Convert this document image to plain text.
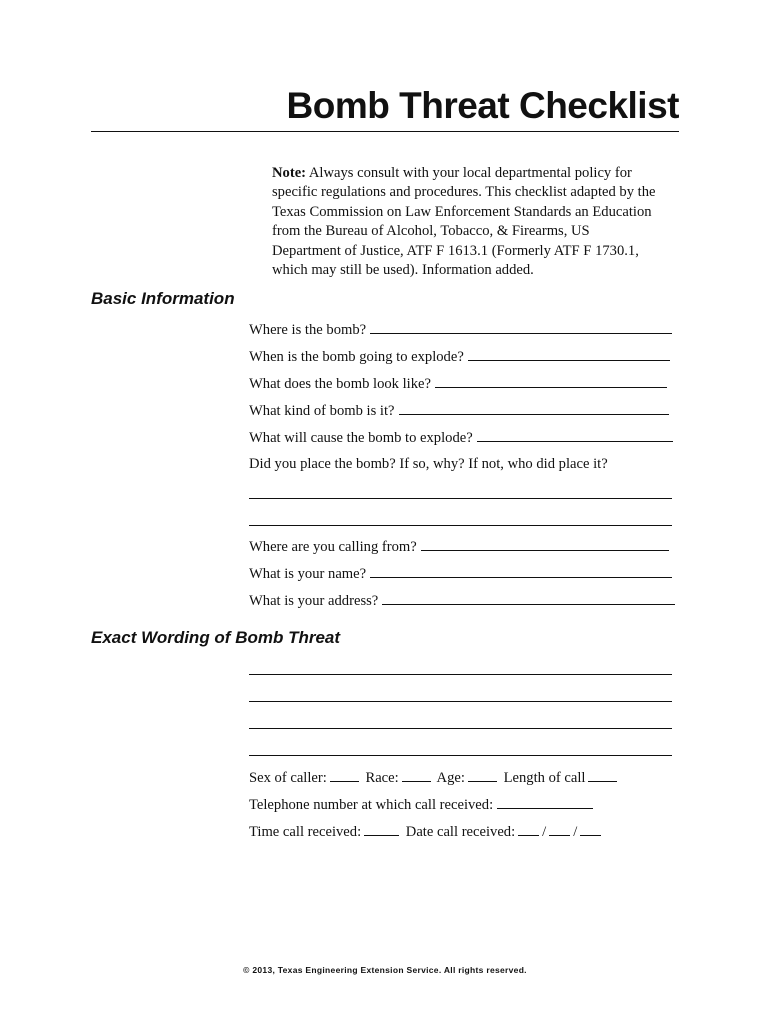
Bomb Threat Checklist
Note: Always consult with your local departmental policy for specific regulations and procedures. This checklist adapted by the Texas Commission on Law Enforcement Standards an Education from the Bureau of Alcohol, Tobacco, & Firearms, US Department of Justice, ATF F 1613.1 (Formerly ATF F 1730.1, which may still be used). Information added.
Basic Information
Where is the bomb?
When is the bomb going to explode?
What does the bomb look like?
What kind of bomb is it?
What will cause the bomb to explode?
Did you place the bomb? If so, why? If not, who did place it?
Where are you calling from?
What is your name?
What is your address?
Exact Wording of Bomb Threat
Sex of caller:	Race:	Age:	Length of call
Telephone number at which call received:
Time call received:	Date call received: / /
© 2013, Texas Engineering Extension Service. All rights reserved.
